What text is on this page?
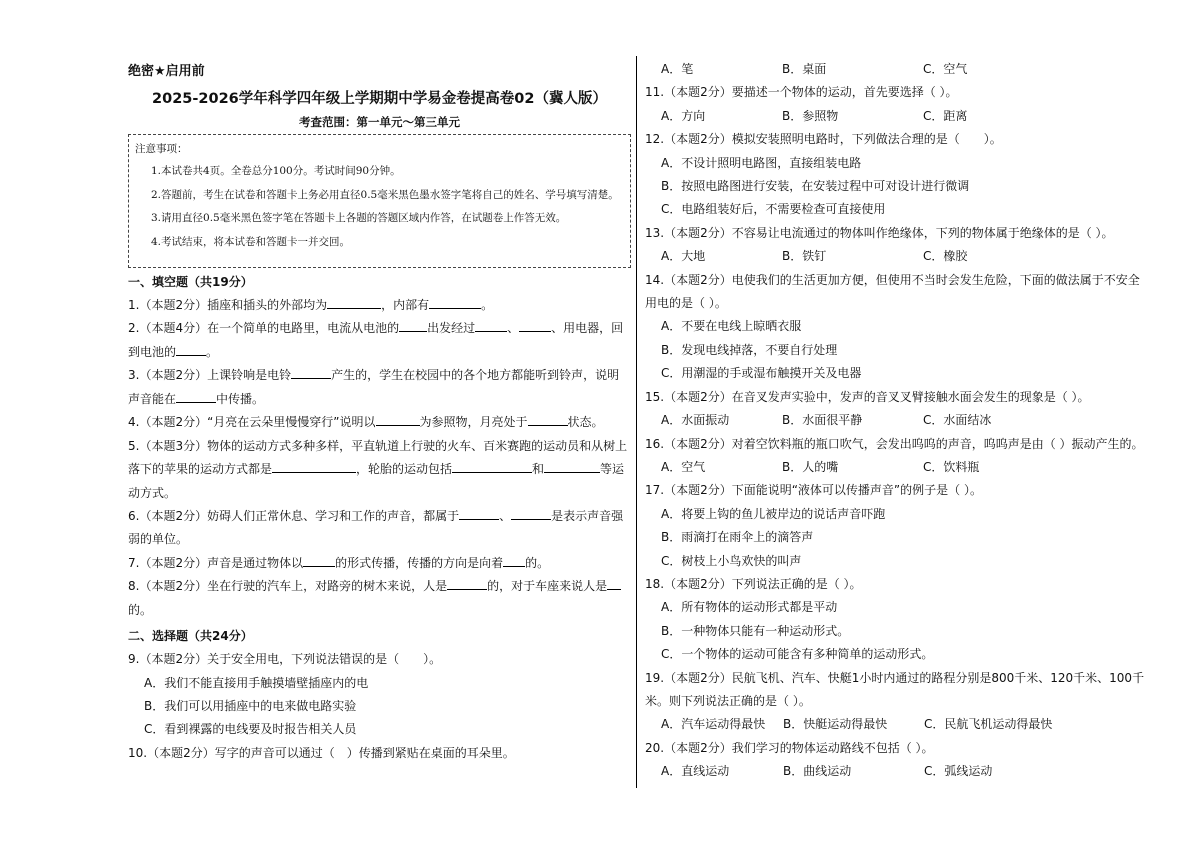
绝密★启用前
2025-2026学年科学四年级上学期期中学易金卷提高卷02（冀人版）
考查范围：第一单元～第三单元
注意事项：
1.本试卷共4页。全卷总分100分。考试时间90分钟。
2.答题前，考生在试卷和答题卡上务必用直径0.5毫米黑色墨水签字笔将自己的姓名、学号填写清楚。
3.请用直径0.5毫米黑色签字笔在答题卡上各题的答题区域内作答，在试题卷上作答无效。
4.考试结束，将本试卷和答题卡一并交回。
一、填空题（共19分）
1.（本题2分）插座和插头的外部均为	，内部有	。
2.（本题4分）在一个简单的电路里，电流从电池的 出发经过	、	、用电器，回到电池的	。
3.（本题2分）上课铃响是电铃	产生的，学生在校园中的各个地方都能听到铃声，说明声音能在	中传播。
4.（本题2分）“月亮在云朵里慢慢穿行”说明以	为参照物，月亮处于	状态。
5.（本题3分）物体的运动方式多种多样，平直轨道上行驶的火车、百米赛跑的运动员和从树上落下的苹果的运动方式都是	，轮胎的运动包括	和	等运动方式。
6.（本题2分）妨碍人们正常休息、学习和工作的声音，都属于	、	是表示声音强弱的单位。
7.（本题2分）声音是通过物体以	的形式传播，传播的方向是向着 的。
8.（本题2分）坐在行驶的汽车上，对路旁的树木来说，人是	的，对于车座来说人是的。
二、选择题（共24分）
9.（本题2分）关于安全用电，下列说法错误的是（　　）。
A．我们不能直接用手触摸墙壁插座内的电
B．我们可以用插座中的电来做电路实验
C．看到裸露的电线要及时报告相关人员
10.（本题2分）写字的声音可以通过（　）传播到紧贴在桌面的耳朵里。
A．笔	B．桌面	C．空气
11.（本题2分）要描述一个物体的运动，首先要选择（ ）。
A．方向	B．参照物	C．距离
12.（本题2分）模拟安装照明电路时，下列做法合理的是（　　）。
A．不设计照明电路图，直接组装电路
B．按照电路图进行安装，在安装过程中可对设计进行微调
C．电路组装好后，不需要检查可直接使用
13.（本题2分）不容易让电流通过的物体叫作绝缘体，下列的物体属于绝缘体的是（ ）。
A．大地	B．铁钉	C．橡胶
14.（本题2分）电使我们的生活更加方便，但使用不当时会发生危险，下面的做法属于不安全用电的是（ ）。
A．不要在电线上晾晒衣服
B．发现电线掉落，不要自行处理
C．用潮湿的手或湿布触摸开关及电器
15.（本题2分）在音叉发声实验中，发声的音叉叉臂接触水面会发生的现象是（ ）。
A．水面振动	B．水面很平静	C．水面结冰
16.（本题2分）对着空饮料瓶的瓶口吹气，会发出呜呜的声音，呜呜声是由（ ）振动产生的。
A．空气	B．人的嘴	C．饮料瓶
17.（本题2分）下面能说明“液体可以传播声音”的例子是（ ）。
A．将要上钩的鱼儿被岸边的说话声音吓跑
B．雨滴打在雨伞上的滴答声
C．树枝上小鸟欢快的叫声
18.（本题2分）下列说法正确的是（ ）。
A．所有物体的运动形式都是平动
B．一种物体只能有一种运动形式。
C．一个物体的运动可能含有多种简单的运动形式。
19.（本题2分）民航飞机、汽车、快艇1小时内通过的路程分别是800千米、120千米、100千米。则下列说法正确的是（ ）。
A．汽车运动得最快	B．快艇运动得最快	C．民航飞机运动得最快
20.（本题2分）我们学习的物体运动路线不包括（ ）。
A．直线运动	B．曲线运动	C．弧线运动
